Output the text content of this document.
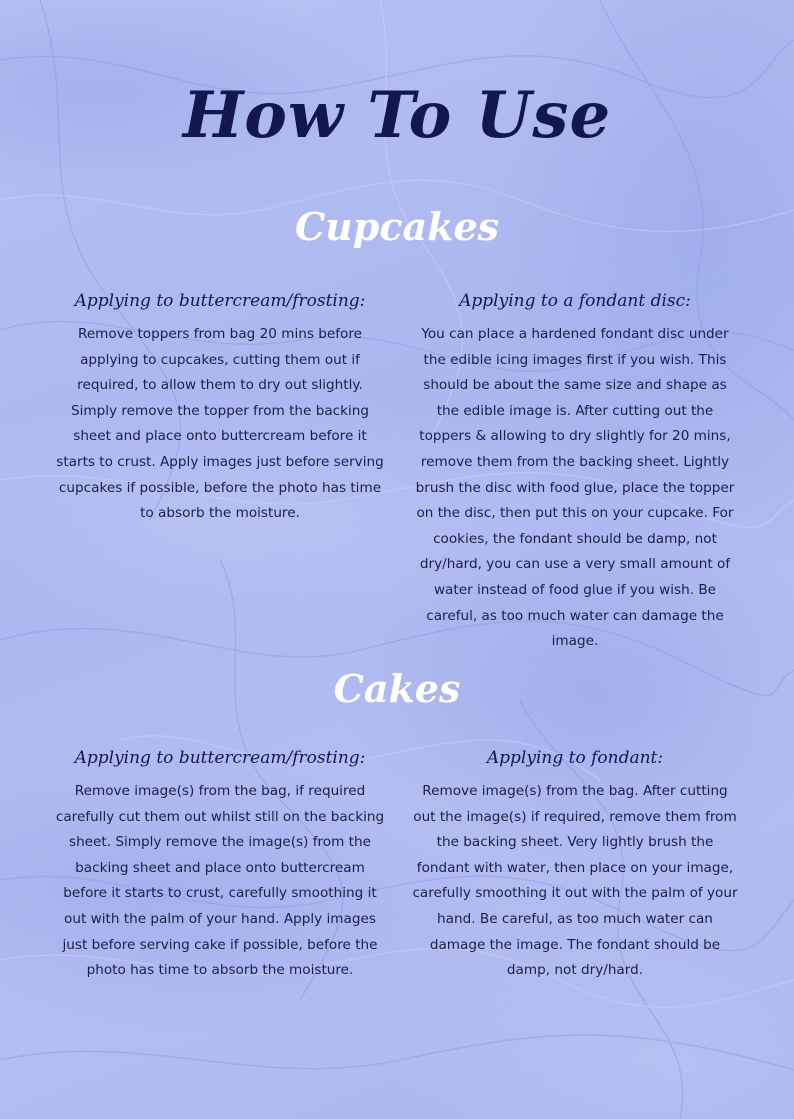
How To Use
Cupcakes
Applying to buttercream/frosting:
Remove toppers from bag 20 mins before applying to cupcakes, cutting them out if required, to allow them to dry out slightly. Simply remove the topper from the backing sheet and place onto buttercream before it starts to crust. Apply images just before serving cupcakes if possible, before the photo has time to absorb the moisture.
Applying to a fondant disc:
You can place a hardened fondant disc under the edible icing images first if you wish. This should be about the same size and shape as the edible image is. After cutting out the toppers & allowing to dry slightly for 20 mins, remove them from the backing sheet. Lightly brush the disc with food glue, place the topper on the disc, then put this on your cupcake. For cookies, the fondant should be damp, not dry/hard, you can use a very small amount of water instead of food glue if you wish. Be careful, as too much water can damage the image.
Cakes
Applying to buttercream/frosting:
Remove image(s) from the bag, if required carefully cut them out whilst still on the backing sheet. Simply remove the image(s) from the backing sheet and place onto buttercream before it starts to crust, carefully smoothing it out with the palm of your hand. Apply images just before serving cake if possible, before the photo has time to absorb the moisture.
Applying to fondant:
Remove image(s) from the bag. After cutting out the image(s) if required, remove them from the backing sheet. Very lightly brush the fondant with water, then place on your image, carefully smoothing it out with the palm of your hand. Be careful, as too much water can damage the image. The fondant should be damp, not dry/hard.
